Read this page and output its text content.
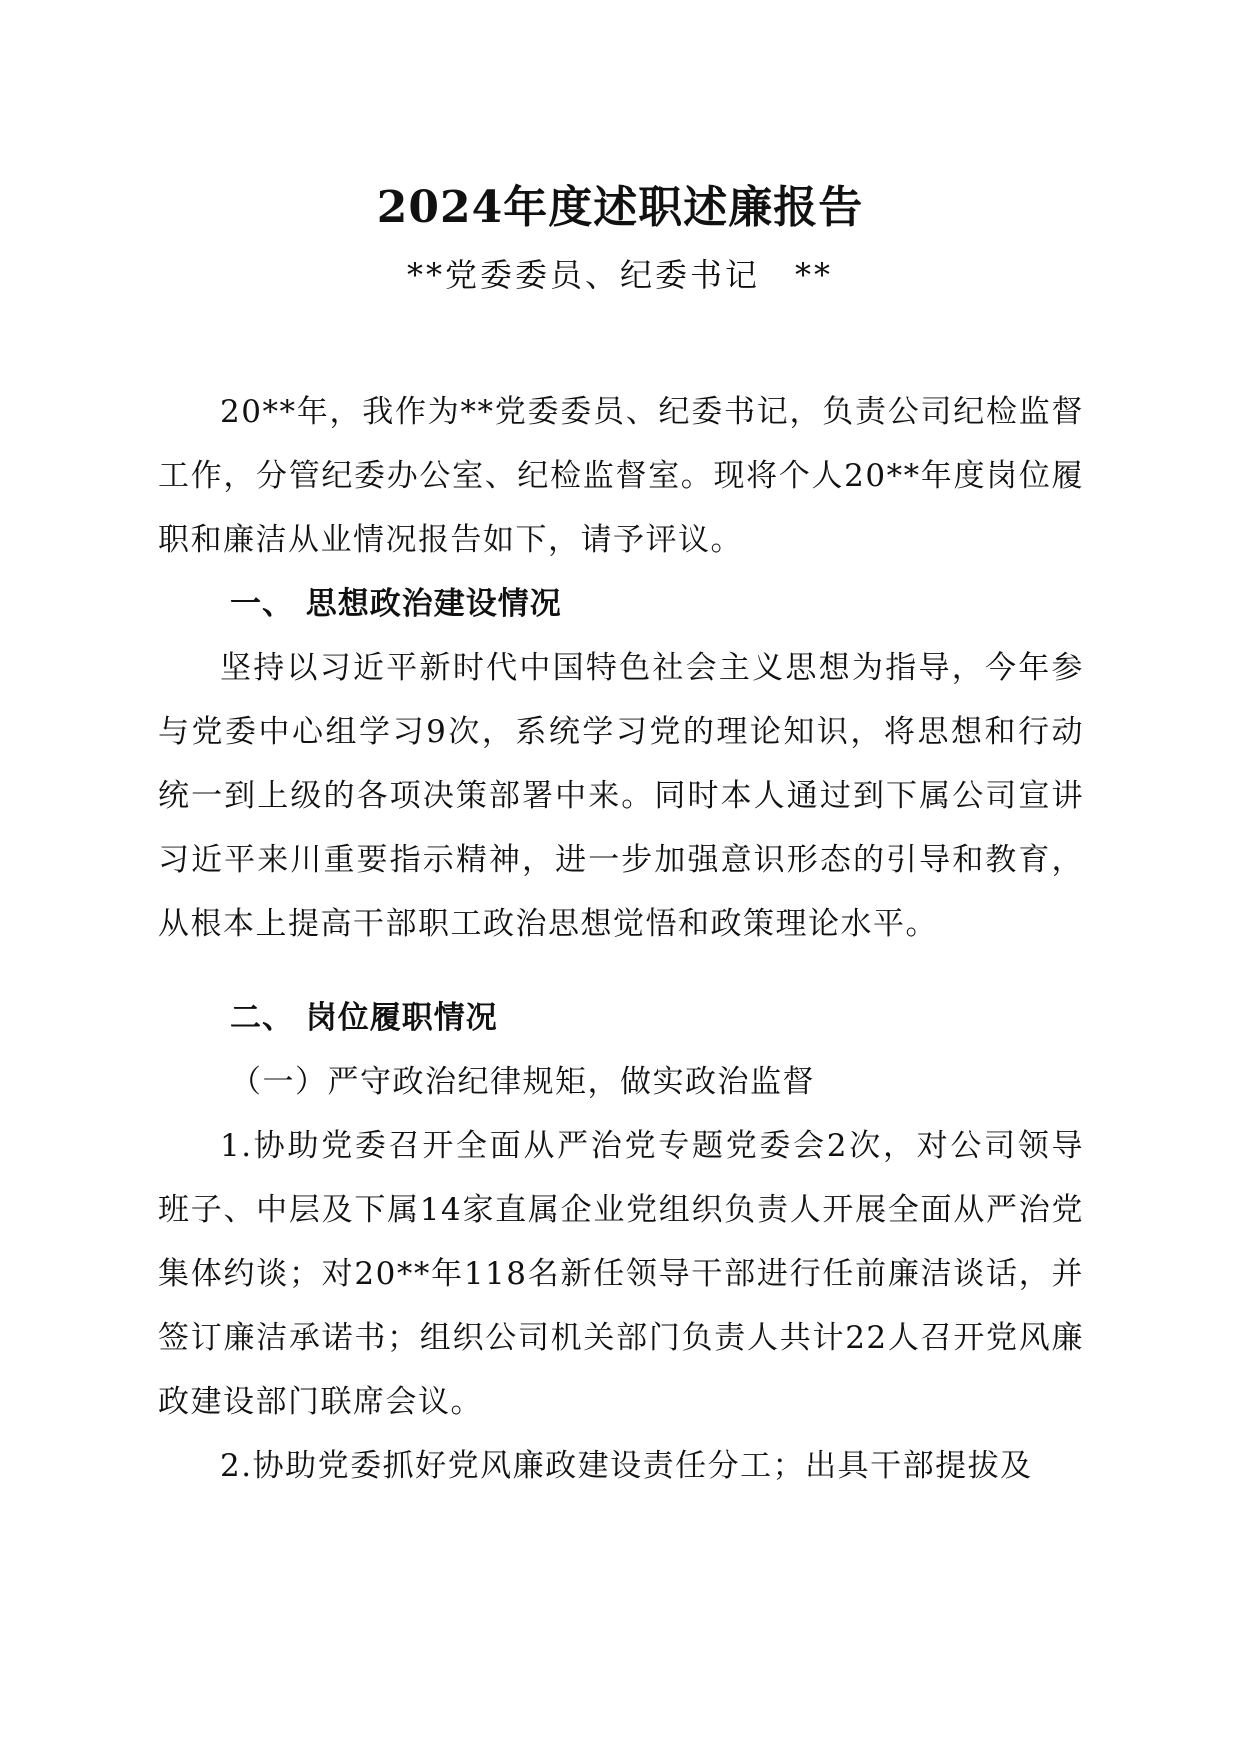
2024年度述职述廉报告

**党委委员、纪委书记　**

20**年，我作为**党委委员、纪委书记，负责公司纪检监督工作，分管纪委办公室、纪检监督室。现将个人20**年度岗位履职和廉洁从业情况报告如下，请予评议。

一、 思想政治建设情况

坚持以习近平新时代中国特色社会主义思想为指导，今年参与党委中心组学习9次，系统学习党的理论知识，将思想和行动统一到上级的各项决策部署中来。同时本人通过到下属公司宣讲习近平来川重要指示精神，进一步加强意识形态的引导和教育，从根本上提高干部职工政治思想觉悟和政策理论水平。

二、 岗位履职情况

（一）严守政治纪律规矩，做实政治监督

1.协助党委召开全面从严治党专题党委会2次，对公司领导班子、中层及下属14家直属企业党组织负责人开展全面从严治党集体约谈；对20**年118名新任领导干部进行任前廉洁谈话，并签订廉洁承诺书；组织公司机关部门负责人共计22人召开党风廉政建设部门联席会议。

2.协助党委抓好党风廉政建设责任分工；出具干部提拔及
